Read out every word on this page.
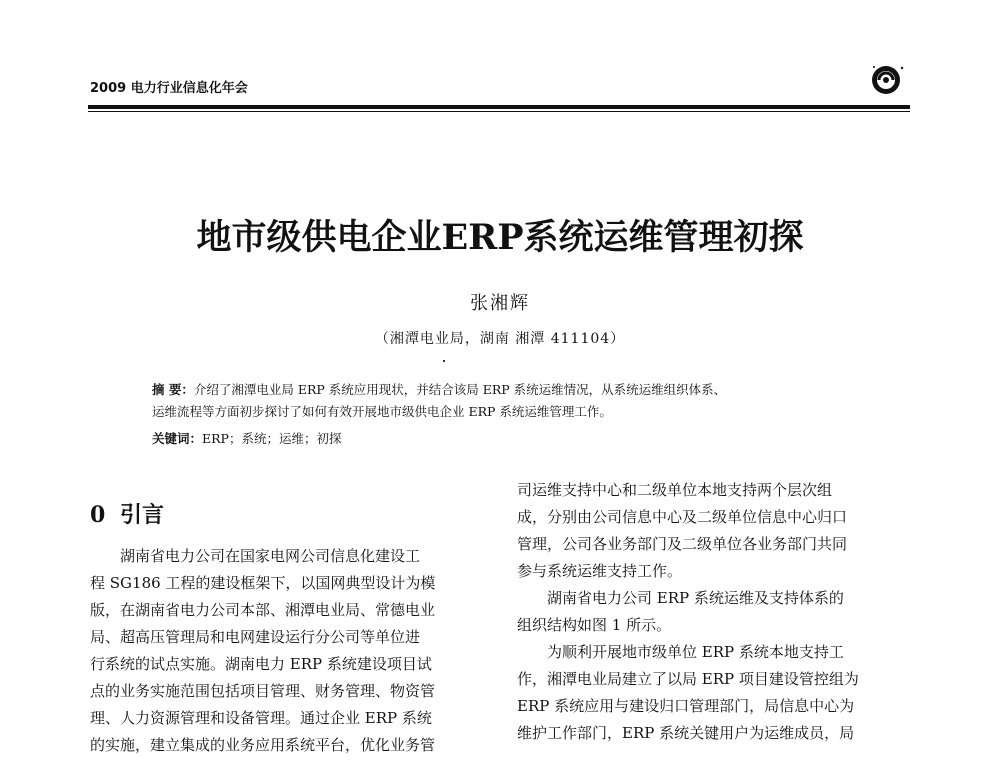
2009 电力行业信息化年会
地市级供电企业ERP系统运维管理初探
张湘辉
（湘潭电业局，湖南 湘潭 411104）
摘 要：介绍了湘潭电业局 ERP 系统应用现状，并结合该局 ERP 系统运维情况，从系统运维组织体系、
运维流程等方面初步探讨了如何有效开展地市级供电企业 ERP 系统运维管理工作。
关键词：ERP；系统；运维；初探
0 引言

湖南省电力公司在国家电网公司信息化建设工

程 SG186 工程的建设框架下，以国网典型设计为模

版，在湖南省电力公司本部、湘潭电业局、常德电业

局、超高压管理局和电网建设运行分公司等单位进

行系统的试点实施。湖南电力 ERP 系统建设项目试

点的业务实施范围包括项目管理、财务管理、物资管

理、人力资源管理和设备管理。通过企业 ERP 系统

的实施，建立集成的业务应用系统平台，优化业务管

司运维支持中心和二级单位本地支持两个层次组

成，分别由公司信息中心及二级单位信息中心归口

管理，公司各业务部门及二级单位各业务部门共同

参与系统运维支持工作。

湖南省电力公司 ERP 系统运维及支持体系的

组织结构如图 1 所示。

为顺利开展地市级单位 ERP 系统本地支持工

作，湘潭电业局建立了以局 ERP 项目建设管控组为

ERP 系统应用与建设归口管理部门，局信息中心为

维护工作部门，ERP 系统关键用户为运维成员，局
